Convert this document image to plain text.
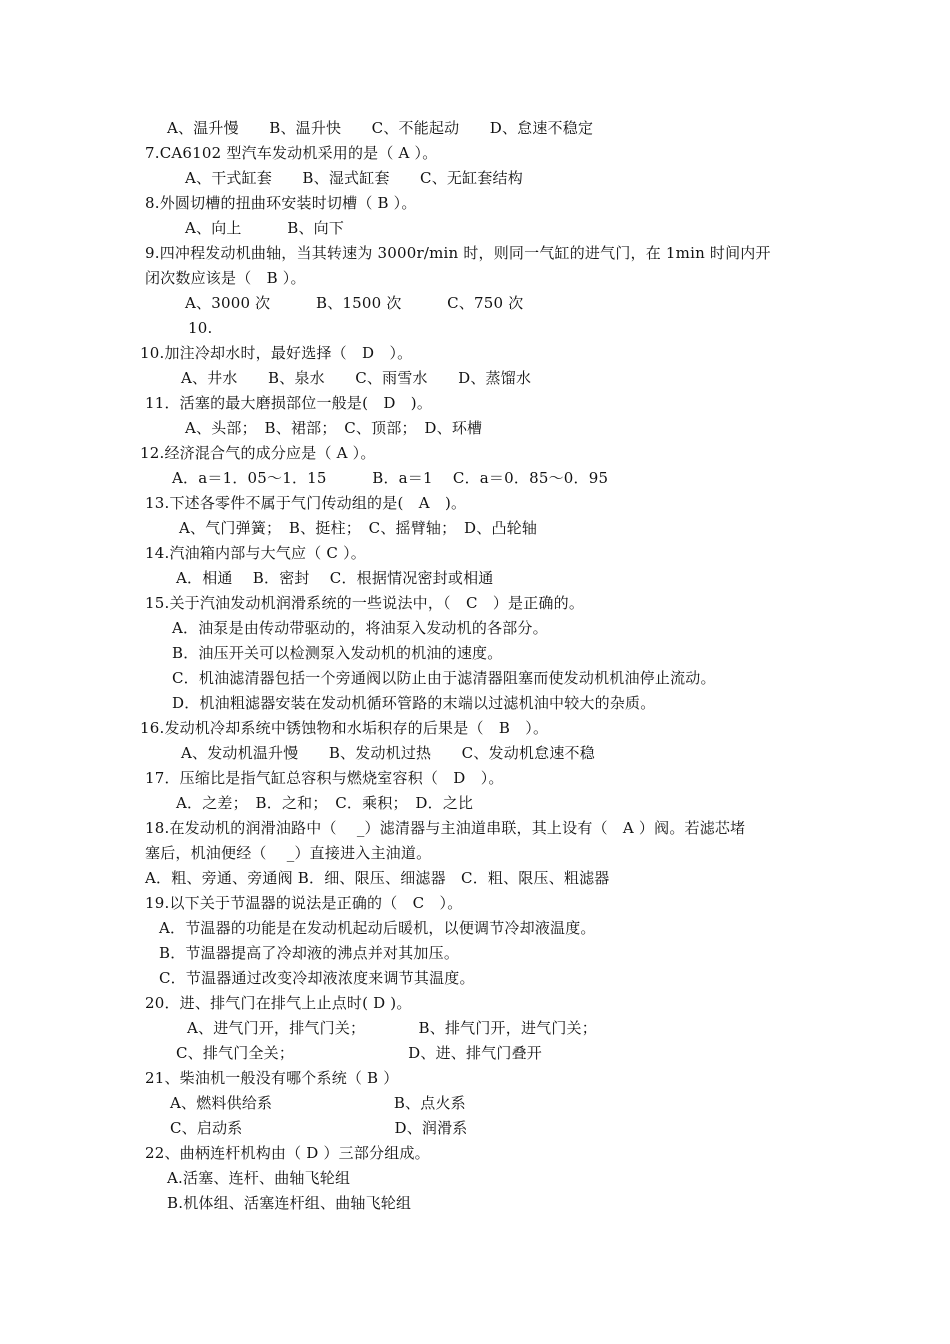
A、温升慢　　B、温升快　　C、不能起动　　D、怠速不稳定
7.CA6102 型汽车发动机采用的是（ A ）。
A、干式缸套　　B、湿式缸套　　C、无缸套结构
8.外圆切槽的扭曲环安装时切槽（ B ）。
A、向上　　　B、向下
9.四冲程发动机曲轴，当其转速为 3000r/min 时，则同一气缸的进气门，在 1min 时间内开
闭次数应该是（　B ）。
A、3000 次　　　B、1500 次　　　C、750 次
10.
10.加注冷却水时，最好选择（　D　）。
A、井水　　B、泉水　　C、雨雪水　　D、蒸馏水
11．活塞的最大磨损部位一般是(　D　)。
A、头部；　B、裙部；　C、顶部；　D、环槽
12.经济混合气的成分应是（ A ）。
A．a＝1．05～1．15　　　B．a＝1　 C．a＝0．85～0．95
13.下述各零件不属于气门传动组的是(　A　)。
A、气门弹簧；　B、挺柱；　C、摇臂轴；　D、凸轮轴
14.汽油箱内部与大气应（ C ）。
A．相通　 B．密封　 C．根据情况密封或相通
15.关于汽油发动机润滑系统的一些说法中，（　C　）是正确的。
A．油泵是由传动带驱动的，将油泵入发动机的各部分。
B．油压开关可以检测泵入发动机的机油的速度。
C．机油滤清器包括一个旁通阀以防止由于滤清器阻塞而使发动机机油停止流动。
D．机油粗滤器安装在发动机循环管路的末端以过滤机油中较大的杂质。
16.发动机冷却系统中锈蚀物和水垢积存的后果是（　B　）。
A、发动机温升慢　　B、发动机过热　　C、发动机怠速不稳
17．压缩比是指气缸总容积与燃烧室容积（　D　）。
A．之差；　B．之和；　C．乘积；　D．之比
18.在发动机的润滑油路中（　 _）滤清器与主油道串联，其上设有（　A ）阀。若滤芯堵
塞后，机油便经（　 _）直接进入主油道。
A．粗、旁通、旁通阀 B．细、限压、细滤器　C．粗、限压、粗滤器
19.以下关于节温器的说法是正确的（　C　）。
A．节温器的功能是在发动机起动后暖机，以便调节冷却液温度。
B．节温器提高了冷却液的沸点并对其加压。
C．节温器通过改变冷却液浓度来调节其温度。
20．进、排气门在排气上止点时( D )。
A、进气门开，排气门关；　　　　B、排气门开，进气门关；
C、排气门全关；　　　　　　　　D、进、排气门叠开
21、柴油机一般没有哪个系统（ B ）
A、燃料供给系　　　　　　　　B、点火系
C、启动系　　　　　　　　　　D、润滑系
22、曲柄连杆机构由（ D ）三部分组成。
A.活塞、连杆、曲轴飞轮组
B.机体组、活塞连杆组、曲轴飞轮组
